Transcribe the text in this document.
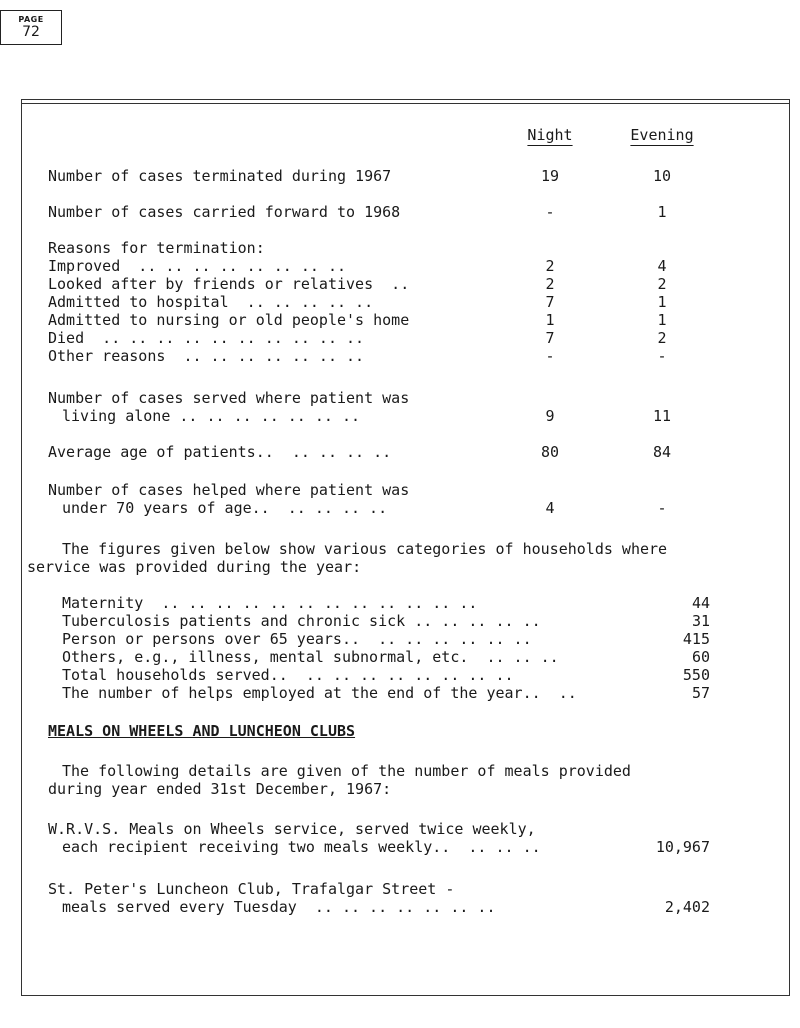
PAGE
72
Night	Evening
Number of cases terminated during 1967	19	10
Number of cases carried forward to 1968	-	1
Reasons for termination:
Improved  .. .. .. .. .. .. .. ..	2	4
Looked after by friends or relatives  ..	2	2
Admitted to hospital  .. .. .. .. ..	7	1
Admitted to nursing or old people's home	1	1
Died  .. .. .. .. .. .. .. .. .. ..	7	2
Other reasons  .. .. .. .. .. .. ..	-	-
Number of cases served where patient was
living alone .. .. .. .. .. .. ..	9	11
Average age of patients..  .. .. .. ..	80	84
Number of cases helped where patient was
under 70 years of age..  .. .. .. ..	4	-
The figures given below show various categories of households where
service was provided during the year:
Maternity  .. .. .. .. .. .. .. .. .. .. .. ..	44
Tuberculosis patients and chronic sick .. .. .. .. ..	31
Person or persons over 65 years..  .. .. .. .. .. ..	415
Others, e.g., illness, mental subnormal, etc.  .. .. ..	60
Total households served..  .. .. .. .. .. .. .. ..	550
The number of helps employed at the end of the year..  ..	57
MEALS ON WHEELS AND LUNCHEON CLUBS
The following details are given of the number of meals provided
during year ended 31st December, 1967:
W.R.V.S. Meals on Wheels service, served twice weekly,
each recipient receiving two meals weekly..  .. .. ..	10,967
St. Peter's Luncheon Club, Trafalgar Street -
meals served every Tuesday  .. .. .. .. .. .. ..	2,402
